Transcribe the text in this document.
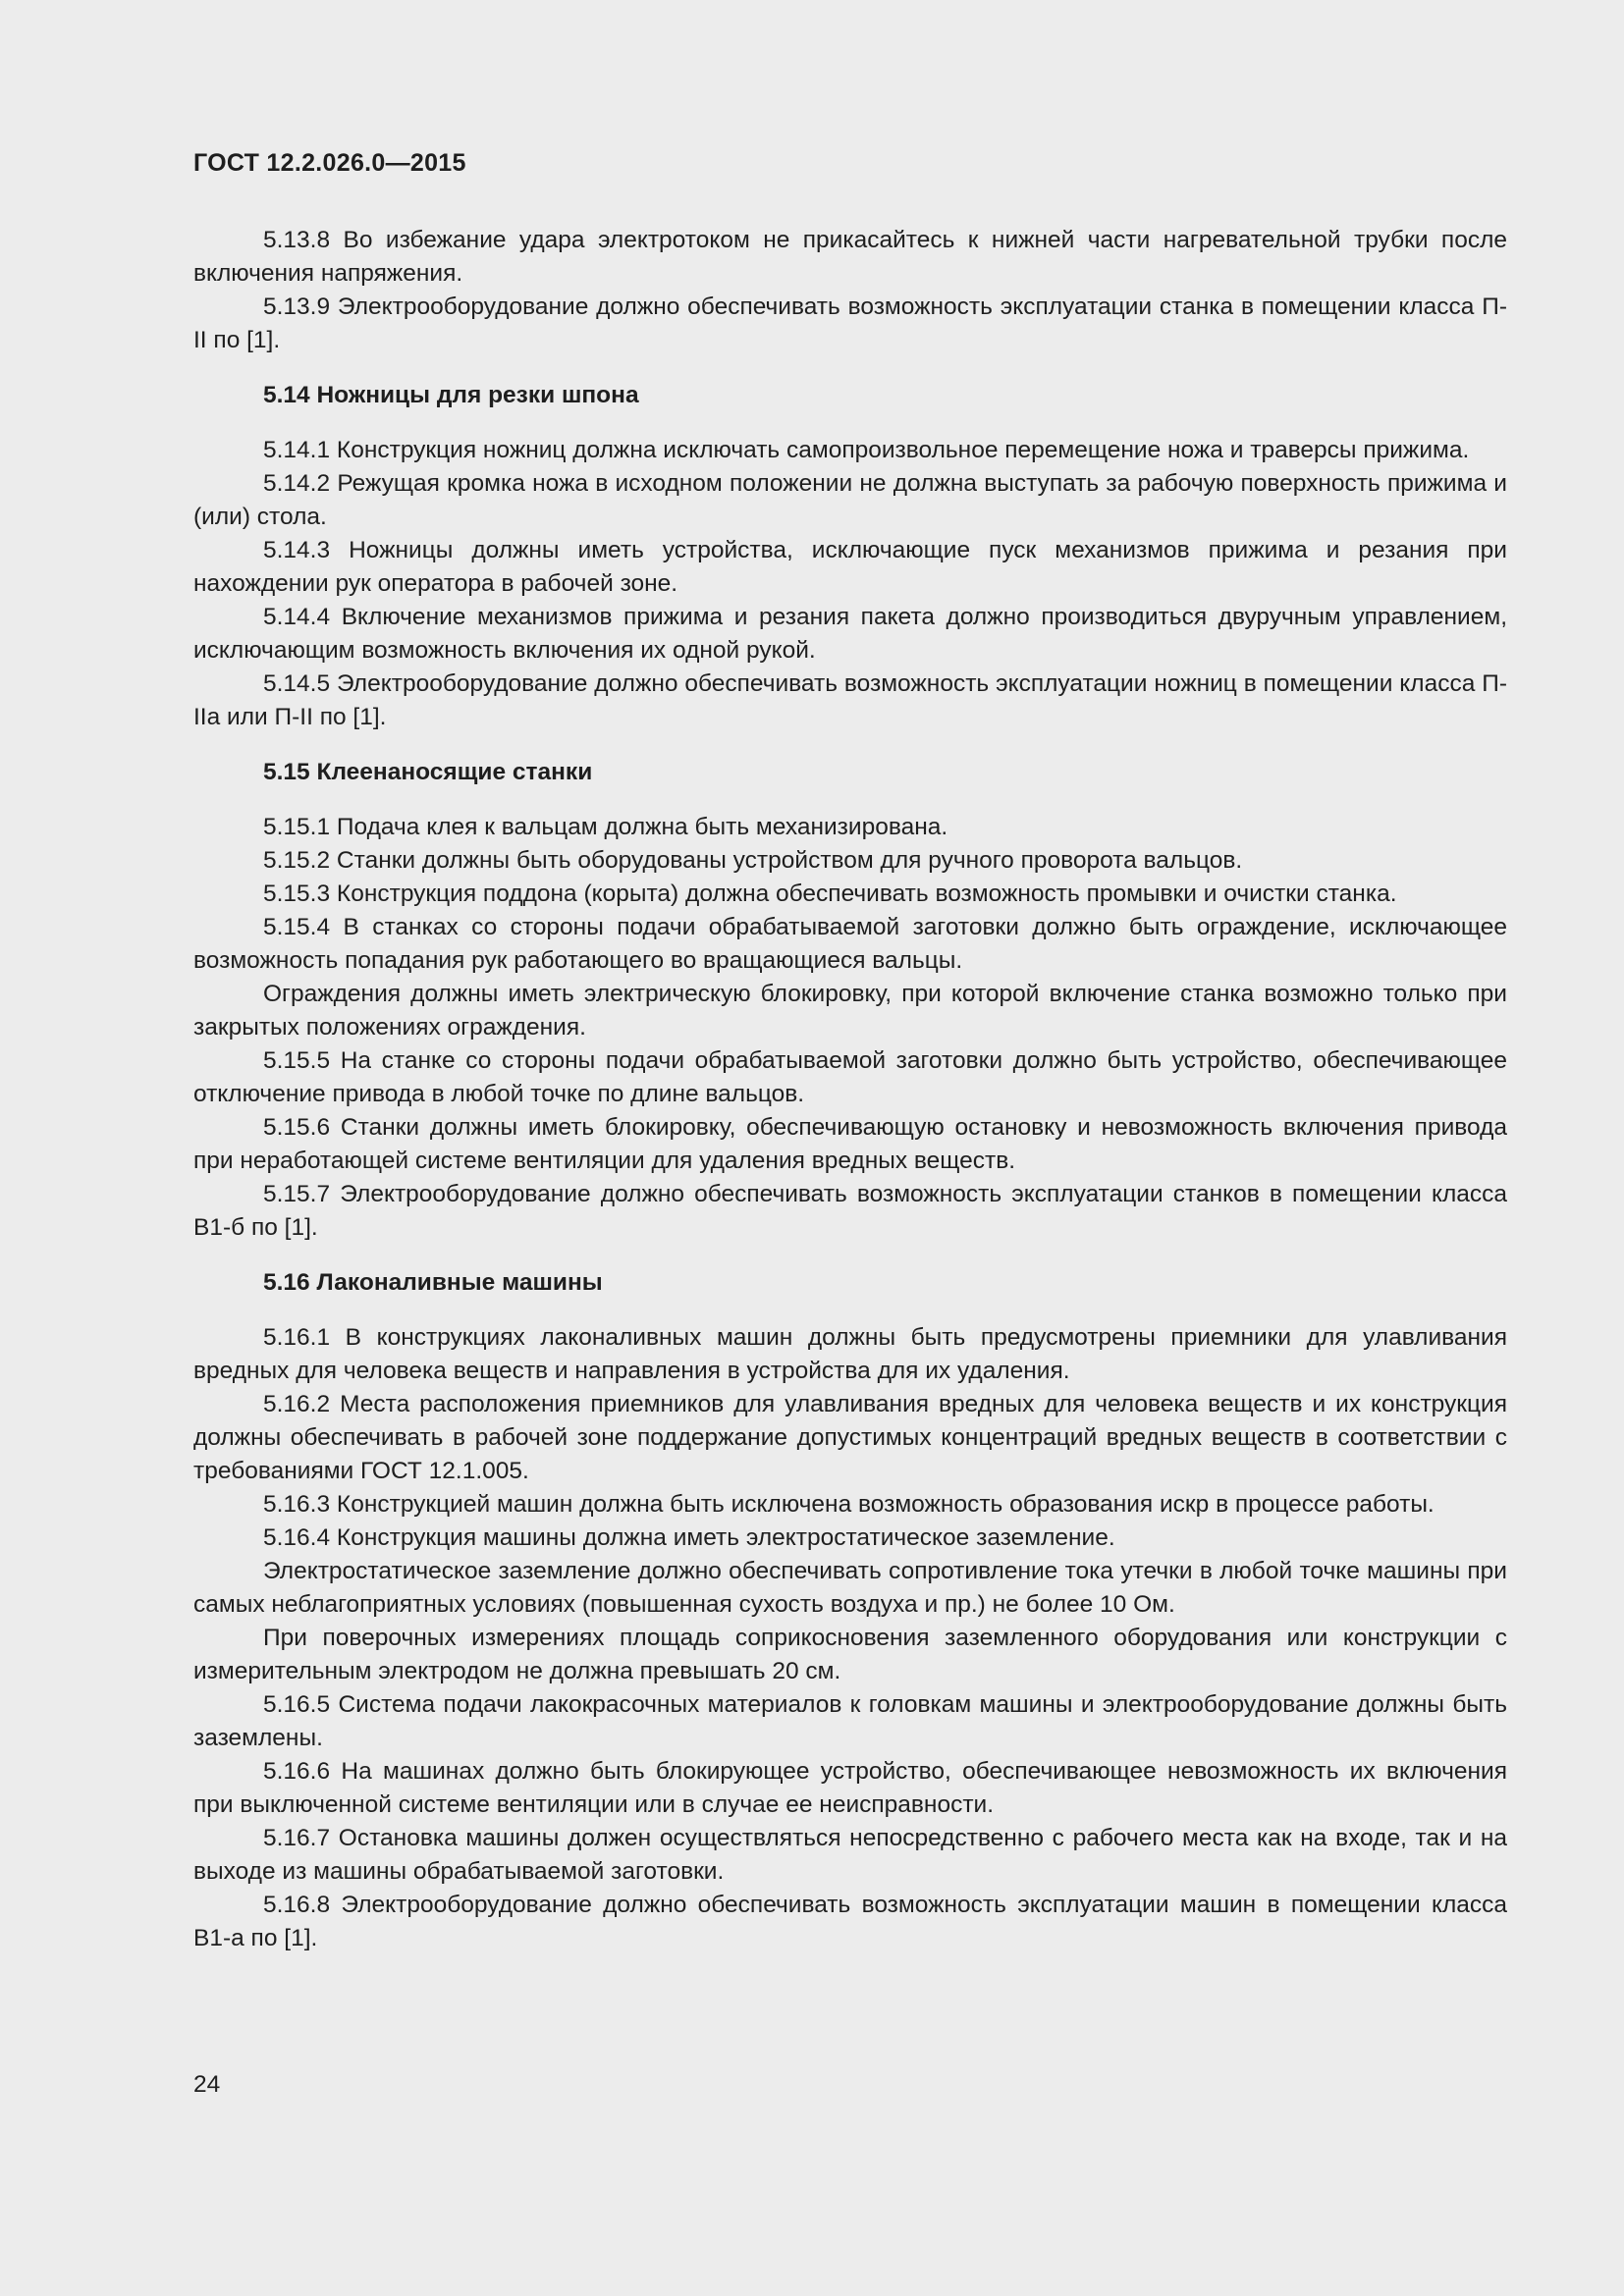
ГОСТ 12.2.026.0—2015

5.13.8 Во избежание удара электротоком не прикасайтесь к нижней части нагревательной трубки после включения напряжения.

5.13.9 Электрооборудование должно обеспечивать возможность эксплуатации станка в помещении класса П-II по [1].

5.14 Ножницы для резки шпона

5.14.1 Конструкция ножниц должна исключать самопроизвольное перемещение ножа и траверсы прижима.

5.14.2 Режущая кромка ножа в исходном положении не должна выступать за рабочую поверхность прижима и (или) стола.

5.14.3 Ножницы должны иметь устройства, исключающие пуск механизмов прижима и резания при нахождении рук оператора в рабочей зоне.

5.14.4 Включение механизмов прижима и резания пакета должно производиться двуручным управлением, исключающим возможность включения их одной рукой.

5.14.5 Электрооборудование должно обеспечивать возможность эксплуатации ножниц в помещении класса П-IIа или П-II по [1].

5.15 Клеенаносящие станки

5.15.1 Подача клея к вальцам должна быть механизирована.

5.15.2 Станки должны быть оборудованы устройством для ручного проворота вальцов.

5.15.3 Конструкция поддона (корыта) должна обеспечивать возможность промывки и очистки станка.

5.15.4 В станках со стороны подачи обрабатываемой заготовки должно быть ограждение, исключающее возможность попадания рук работающего во вращающиеся вальцы.

Ограждения должны иметь электрическую блокировку, при которой включение станка возможно только при закрытых положениях ограждения.

5.15.5 На станке со стороны подачи обрабатываемой заготовки должно быть устройство, обеспечивающее отключение привода в любой точке по длине вальцов.

5.15.6 Станки должны иметь блокировку, обеспечивающую остановку и невозможность включения привода при неработающей системе вентиляции для удаления вредных веществ.

5.15.7 Электрооборудование должно обеспечивать возможность эксплуатации станков в помещении класса В1-б по [1].

5.16 Лаконаливные машины

5.16.1 В конструкциях лаконаливных машин должны быть предусмотрены приемники для улавливания вредных для человека веществ и направления в устройства для их удаления.

5.16.2 Места расположения приемников для улавливания вредных для человека веществ и их конструкция должны обеспечивать в рабочей зоне поддержание допустимых концентраций вредных веществ в соответствии с требованиями ГОСТ 12.1.005.

5.16.3 Конструкцией машин должна быть исключена возможность образования искр в процессе работы.

5.16.4 Конструкция машины должна иметь электростатическое заземление.

Электростатическое заземление должно обеспечивать сопротивление тока утечки в любой точке машины при самых неблагоприятных условиях (повышенная сухость воздуха и пр.) не более 10 Ом.

При поверочных измерениях площадь соприкосновения заземленного оборудования или конструкции с измерительным электродом не должна превышать 20 см.

5.16.5 Система подачи лакокрасочных материалов к головкам машины и электрооборудование должны быть заземлены.

5.16.6 На машинах должно быть блокирующее устройство, обеспечивающее невозможность их включения при выключенной системе вентиляции или в случае ее неисправности.

5.16.7 Остановка машины должен осуществляться непосредственно с рабочего места как на входе, так и на выходе из машины обрабатываемой заготовки.

5.16.8 Электрооборудование должно обеспечивать возможность эксплуатации машин в помещении класса В1-а по [1].

24
